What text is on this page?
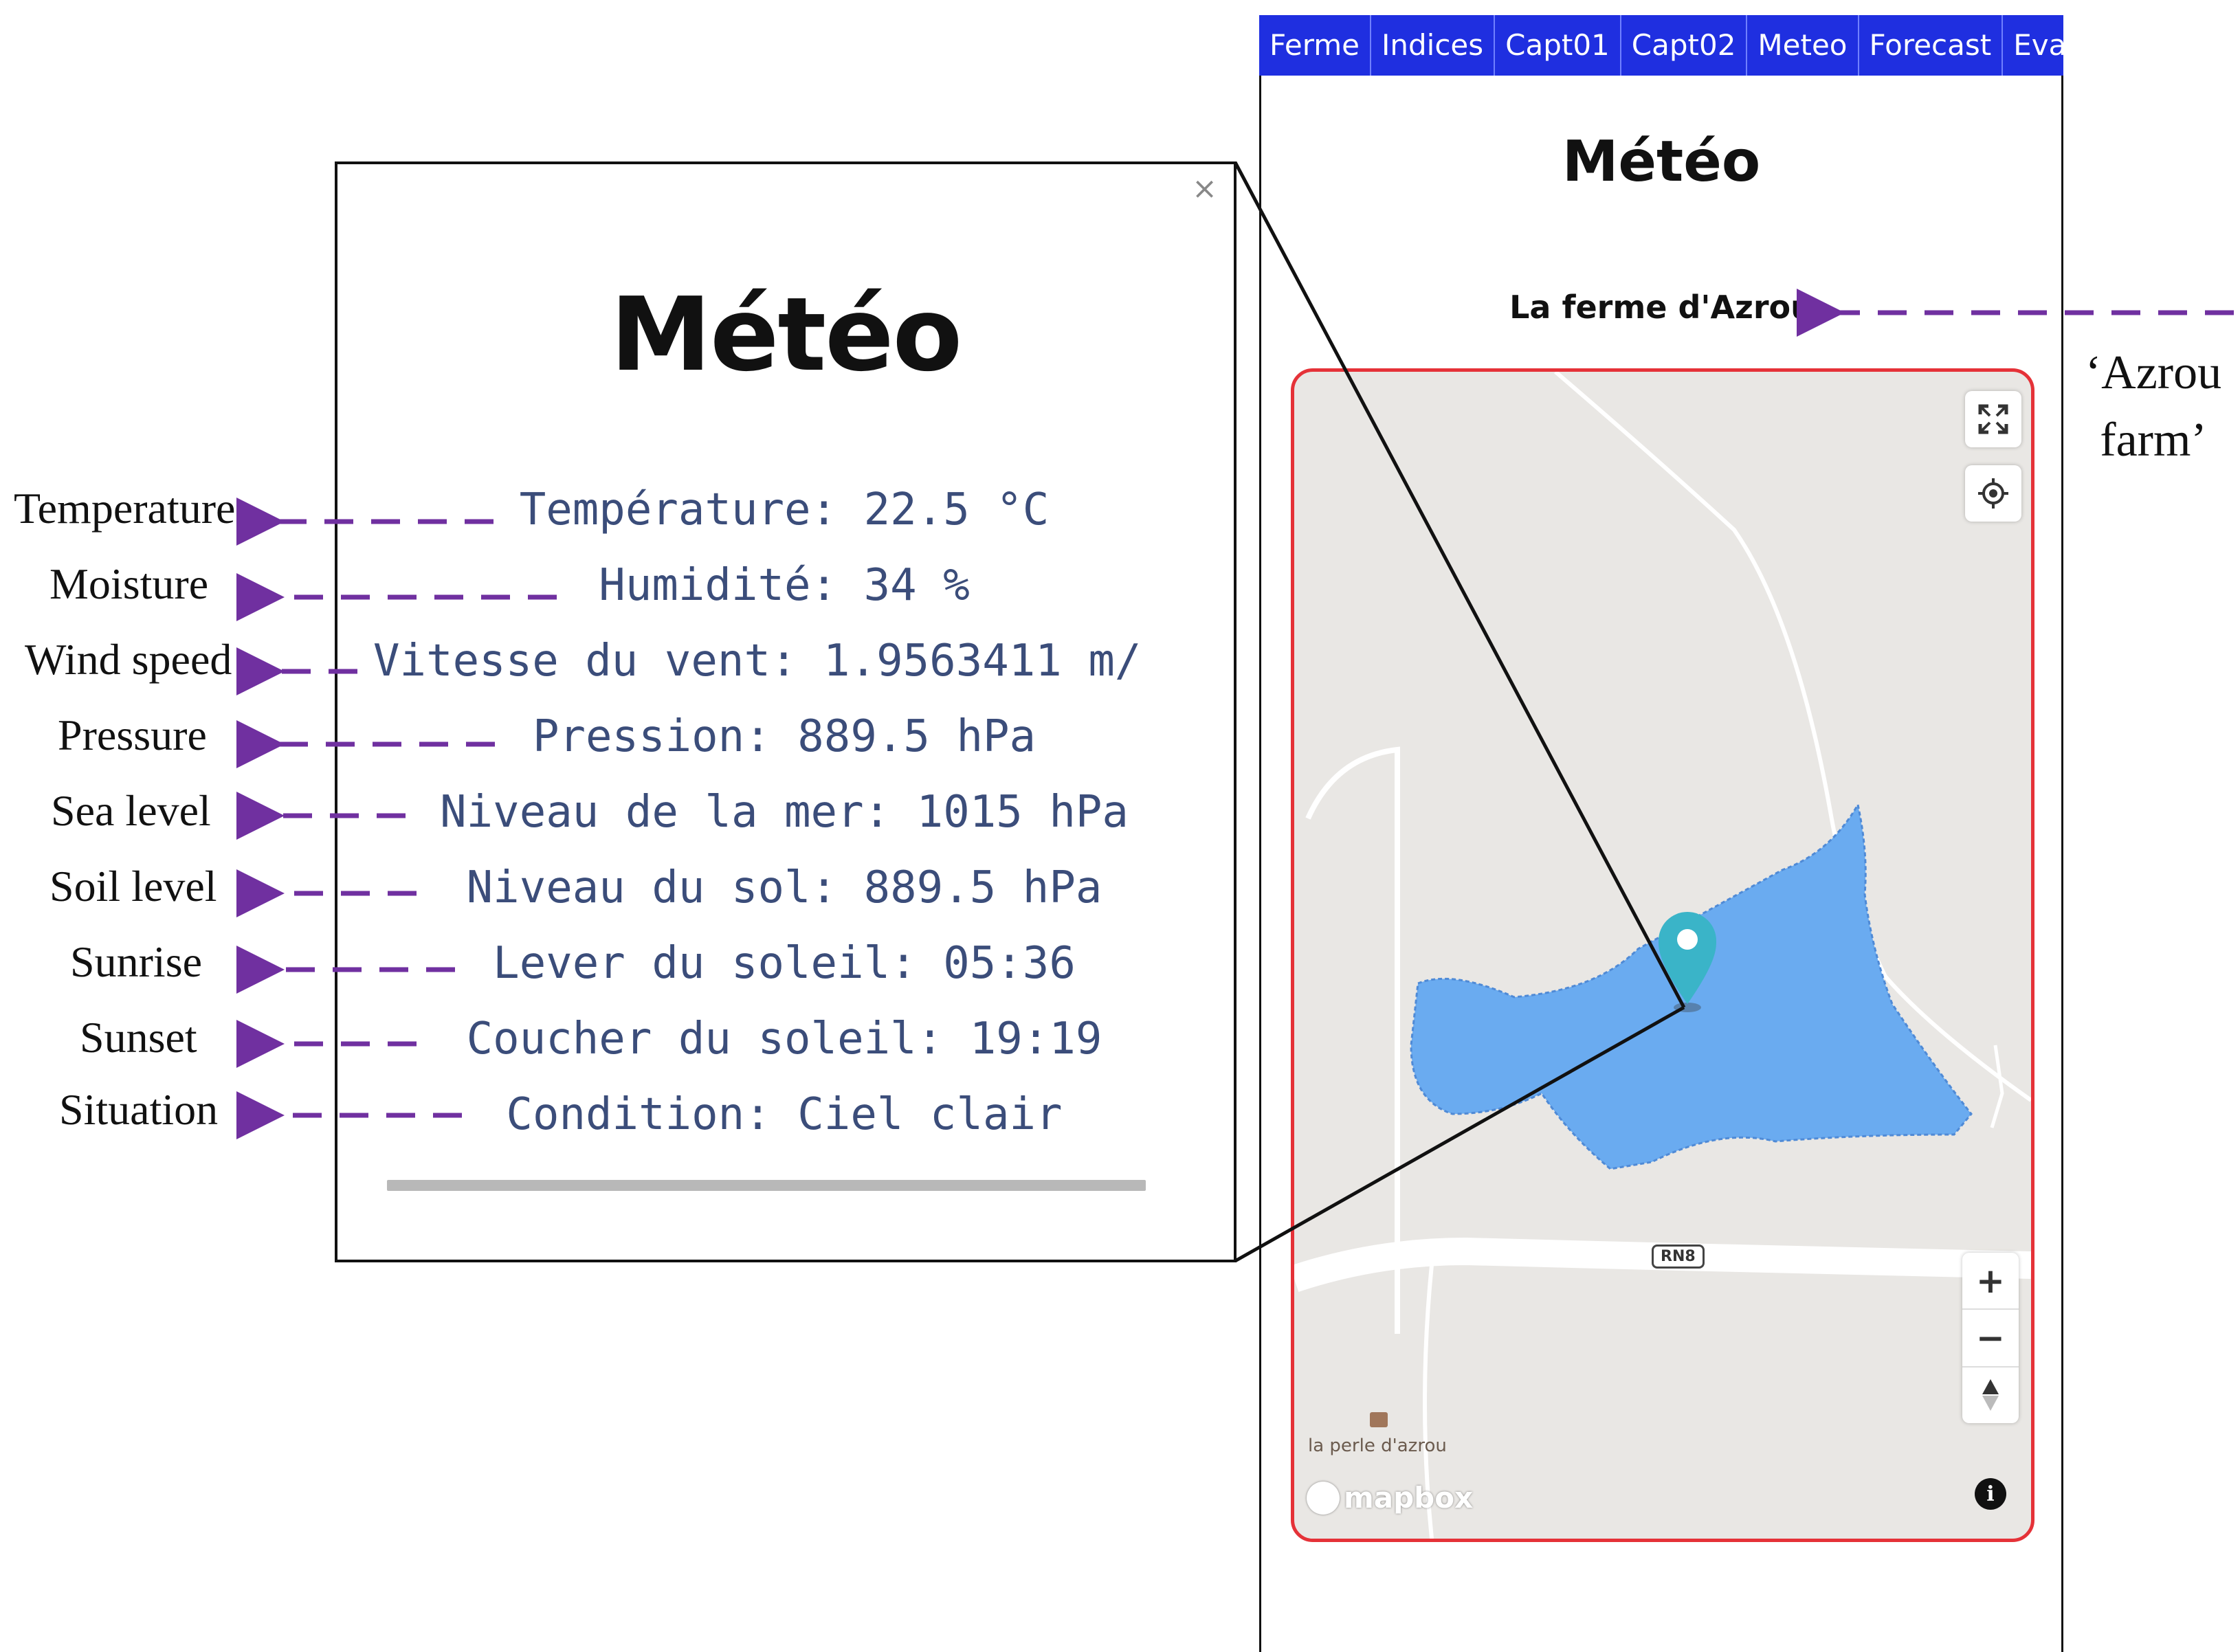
Ferme Indices Capt01 Capt02 Meteo Forecast Evapo
Météo
La ferme d'Azrou
+
−
RN8
la perle d'azrou
mapbox	i
×
Météo
Température: 22.5 °C
Humidité: 34 %
Vitesse du vent: 1.9563411 m/
Pression: 889.5 hPa
Niveau de la mer: 1015 hPa
Niveau du sol: 889.5 hPa
Lever du soleil: 05:36
Coucher du soleil: 19:19
Condition: Ciel clair
Temperature
Moisture
Wind speed
Pressure
Sea level
Soil level
Sunrise
Sunset
Situation
‘Azrou farm’
